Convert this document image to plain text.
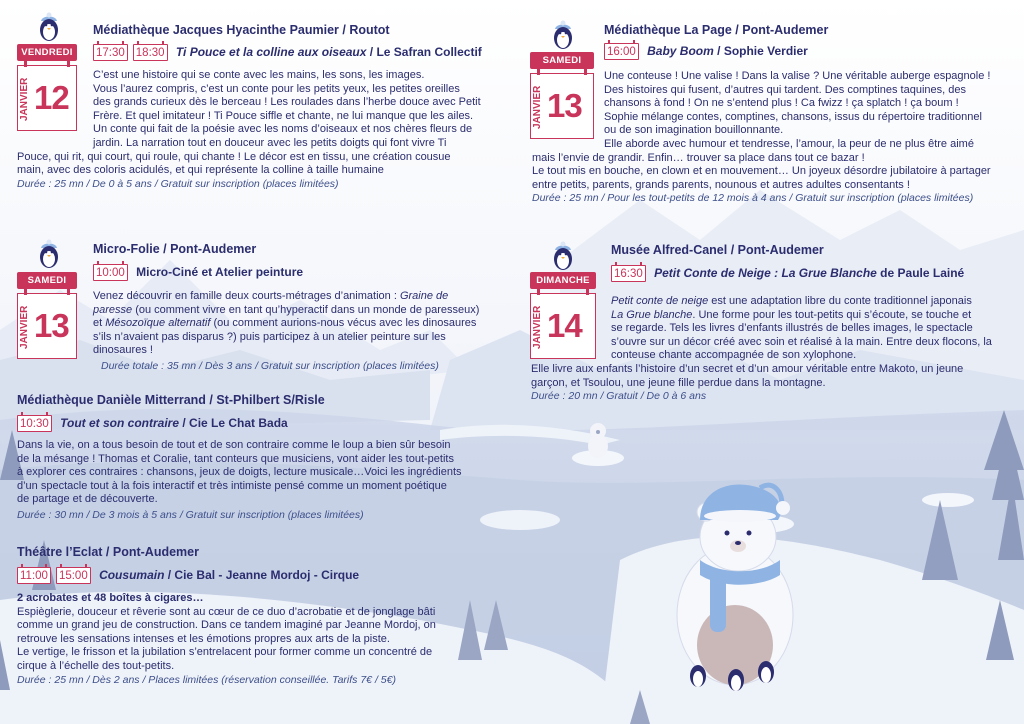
Médiathèque Jacques Hyacinthe Paumier / Routot
17:30 18:30 Ti Pouce et la colline aux oiseaux / Le Safran Collectif
VENDREDI
JANVIER 12
C’est une histoire qui se conte avec les mains, les sons, les images.
Vous l’aurez compris, c’est un conte pour les petits yeux, les petites oreilles
des grands curieux dès le berceau ! Les roulades dans l’herbe douce avec Petit
Frère. Et quel imitateur ! Ti Pouce siffle et chante, ne lui manque que les ailes.
Un conte qui fait de la poésie avec les noms d’oiseaux et nos chères fleurs de
jardin. La narration tout en douceur avec les petits doigts qui font vivre Ti
Pouce, qui rit, qui court, qui roule, qui chante ! Le décor est en tissu, une création cousue
main, avec des coloris acidulés, et qui représente la colline à taille humaine
Durée : 25 mn / De 0 à 5 ans / Gratuit sur inscription (places limitées)
Médiathèque La Page / Pont-Audemer
16:00 Baby Boom / Sophie Verdier
SAMEDI
JANVIER 13
Une conteuse ! Une valise ! Dans la valise ? Une véritable auberge espagnole !
Des histoires qui fusent, d’autres qui tardent. Des comptines taquines, des
chansons à fond ! On ne s’entend plus ! Ca fwizz ! ça splatch ! ça boum !
Sophie mélange contes, comptines, chansons, issus du répertoire traditionnel
ou de son imagination bouillonnante.
Elle aborde avec humour et tendresse, l’amour, la peur de ne plus être aimé
mais l’envie de grandir. Enfin… trouver sa place dans tout ce bazar !
Le tout mis en bouche, en clown et en mouvement… Un joyeux désordre jubilatoire à partager
entre petits, parents, grands parents, nounous et autres adultes consentants !
Durée : 25 mn / Pour les tout-petits de 12 mois à 4 ans / Gratuit sur inscription (places limitées)
Micro-Folie / Pont-Audemer
10:00 Micro-Ciné et Atelier peinture
SAMEDI
JANVIER 13
Venez découvrir en famille deux courts-métrages d’animation : Graine de
paresse (ou comment vivre en tant qu’hyperactif dans un monde de paresseux)
et Mésozoïque alternatif (ou comment aurions-nous vécus avec les dinosaures
s’ils n’avaient pas disparus ?) puis participez à un atelier peinture sur les
dinosaures !
Durée totale : 35 mn / Dès 3 ans / Gratuit sur inscription (places limitées)
Musée Alfred-Canel / Pont-Audemer
16:30 Petit Conte de Neige : La Grue Blanche de Paule Lainé
DIMANCHE
JANVIER 14
Petit conte de neige est une adaptation libre du conte traditionnel japonais
La Grue blanche. Une forme pour les tout-petits qui s’écoute, se touche et
se regarde. Tels les livres d’enfants illustrés de belles images, le spectacle
s’ouvre sur un décor créé avec soin et réalisé à la main. Entre deux flocons, la
conteuse chante accompagnée de son xylophone.
Elle livre aux enfants l’histoire d’un secret et d’un amour véritable entre Makoto, un jeune
garçon, et Tsoulou, une jeune fille perdue dans la montagne.
Durée : 20 mn / Gratuit / De 0 à 6 ans
Médiathèque Danièle Mitterrand / St-Philbert S/Risle
10:30 Tout et son contraire / Cie Le Chat Bada
Dans la vie, on a tous besoin de tout et de son contraire comme le loup a bien sûr besoin
de la mésange ! Thomas et Coralie, tant conteurs que musiciens, vont aider les tout-petits
à explorer ces contraires : chansons, jeux de doigts, lecture musicale…Voici les ingrédients
d’un spectacle tout à la fois interactif et très intimiste pensé comme un moment poétique
de partage et de découverte.
Durée : 30 mn / De 3 mois à 5 ans / Gratuit sur inscription (places limitées)
Théâtre l’Eclat / Pont-Audemer
11:00 15:00 Cousumain / Cie Bal - Jeanne Mordoj - Cirque
2 acrobates et 48 boîtes à cigares…
Espièglerie, douceur et rêverie sont au cœur de ce duo d’acrobatie et de jonglage bâti
comme un grand jeu de construction. Dans ce tandem imaginé par Jeanne Mordoj, on
retrouve les sensations intenses et les émotions propres aux arts de la piste.
Le vertige, le frisson et la jubilation s’entrelacent pour former comme un concentré de
cirque à l’échelle des tout-petits.
Durée : 25 mn / Dès 2 ans / Places limitées (réservation conseillée. Tarifs 7€ / 5€)
